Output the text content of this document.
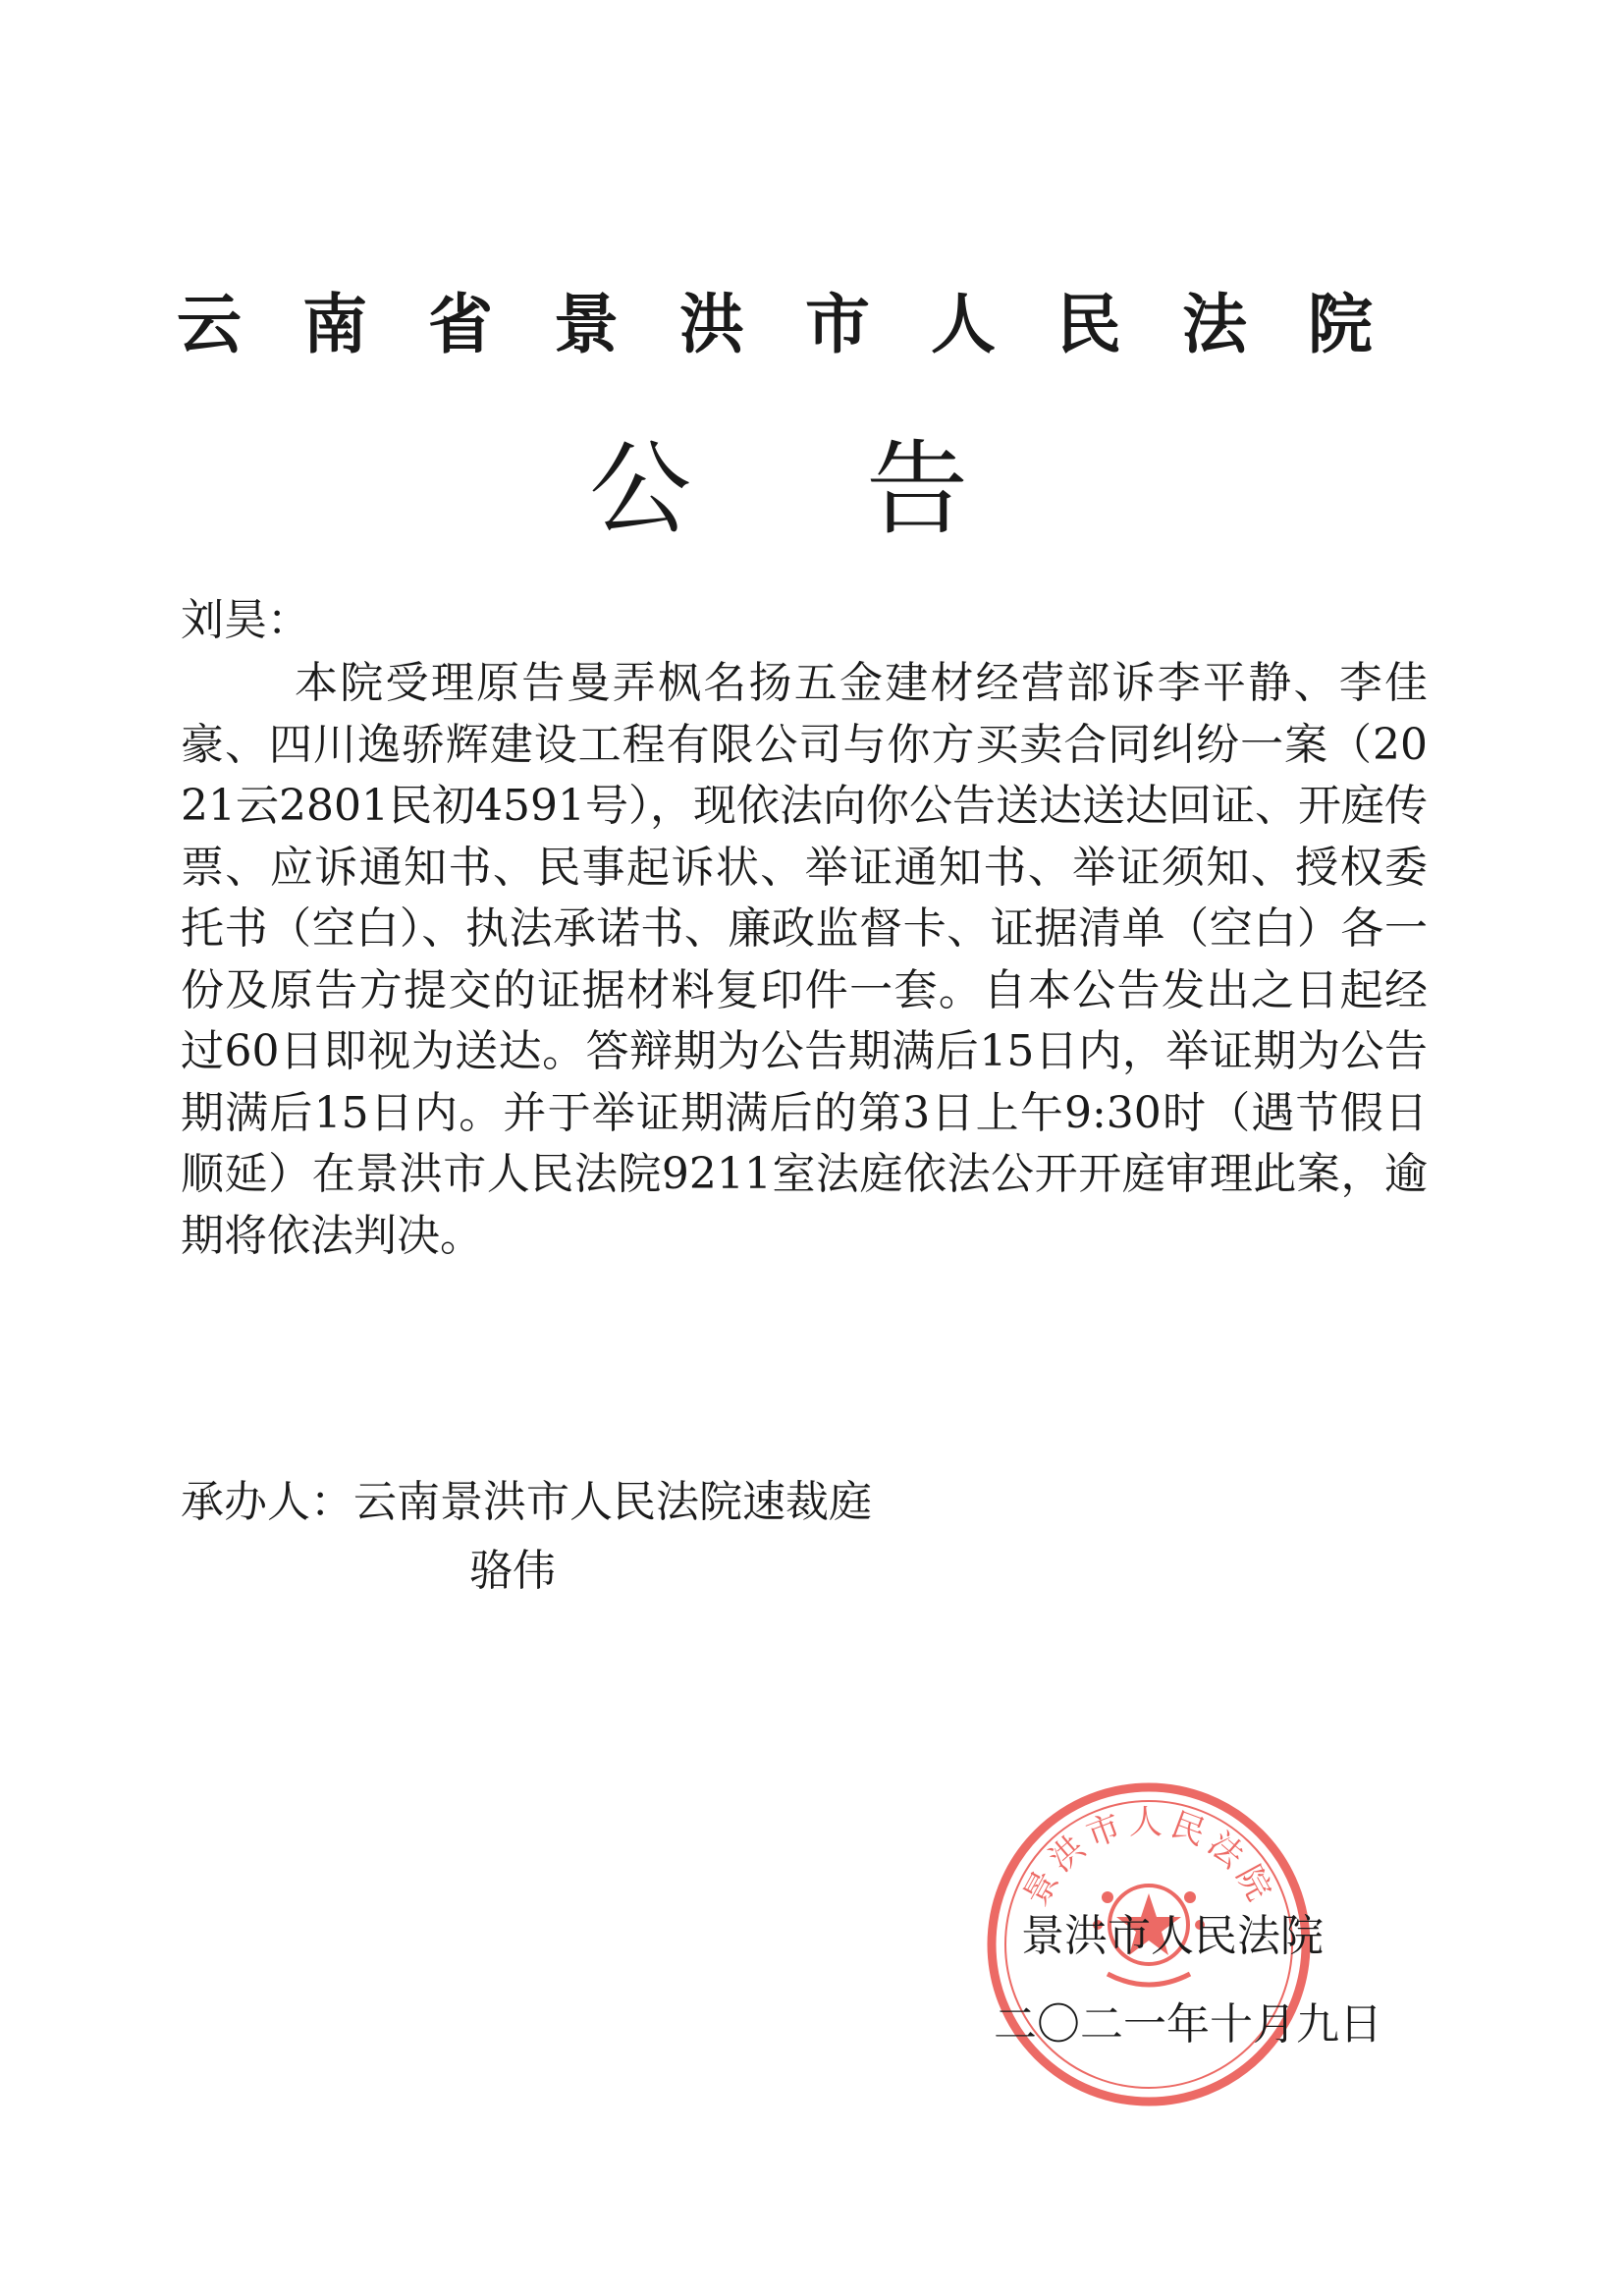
云南省景洪市人民法院
公告
刘昊：

本院受理原告曼弄枫名扬五金建材经营部诉李平静、李佳豪、四川逸骄辉建设工程有限公司与你方买卖合同纠纷一案（2021云2801民初4591号），现依法向你公告送达送达回证、开庭传票、应诉通知书、民事起诉状、举证通知书、举证须知、授权委托书（空白）、执法承诺书、廉政监督卡、证据清单（空白）各一份及原告方提交的证据材料复印件一套。自本公告发出之日起经过60日即视为送达。答辩期为公告期满后15日内，举证期为公告期满后15日内。并于举证期满后的第3日上午9:30时（遇节假日顺延）在景洪市人民法院9211室法庭依法公开开庭审理此案，逾期将依法判决。

承办人：云南景洪市人民法院速裁庭
骆伟
景洪市人民法院
景洪市人民法院
二〇二一年十月九日
